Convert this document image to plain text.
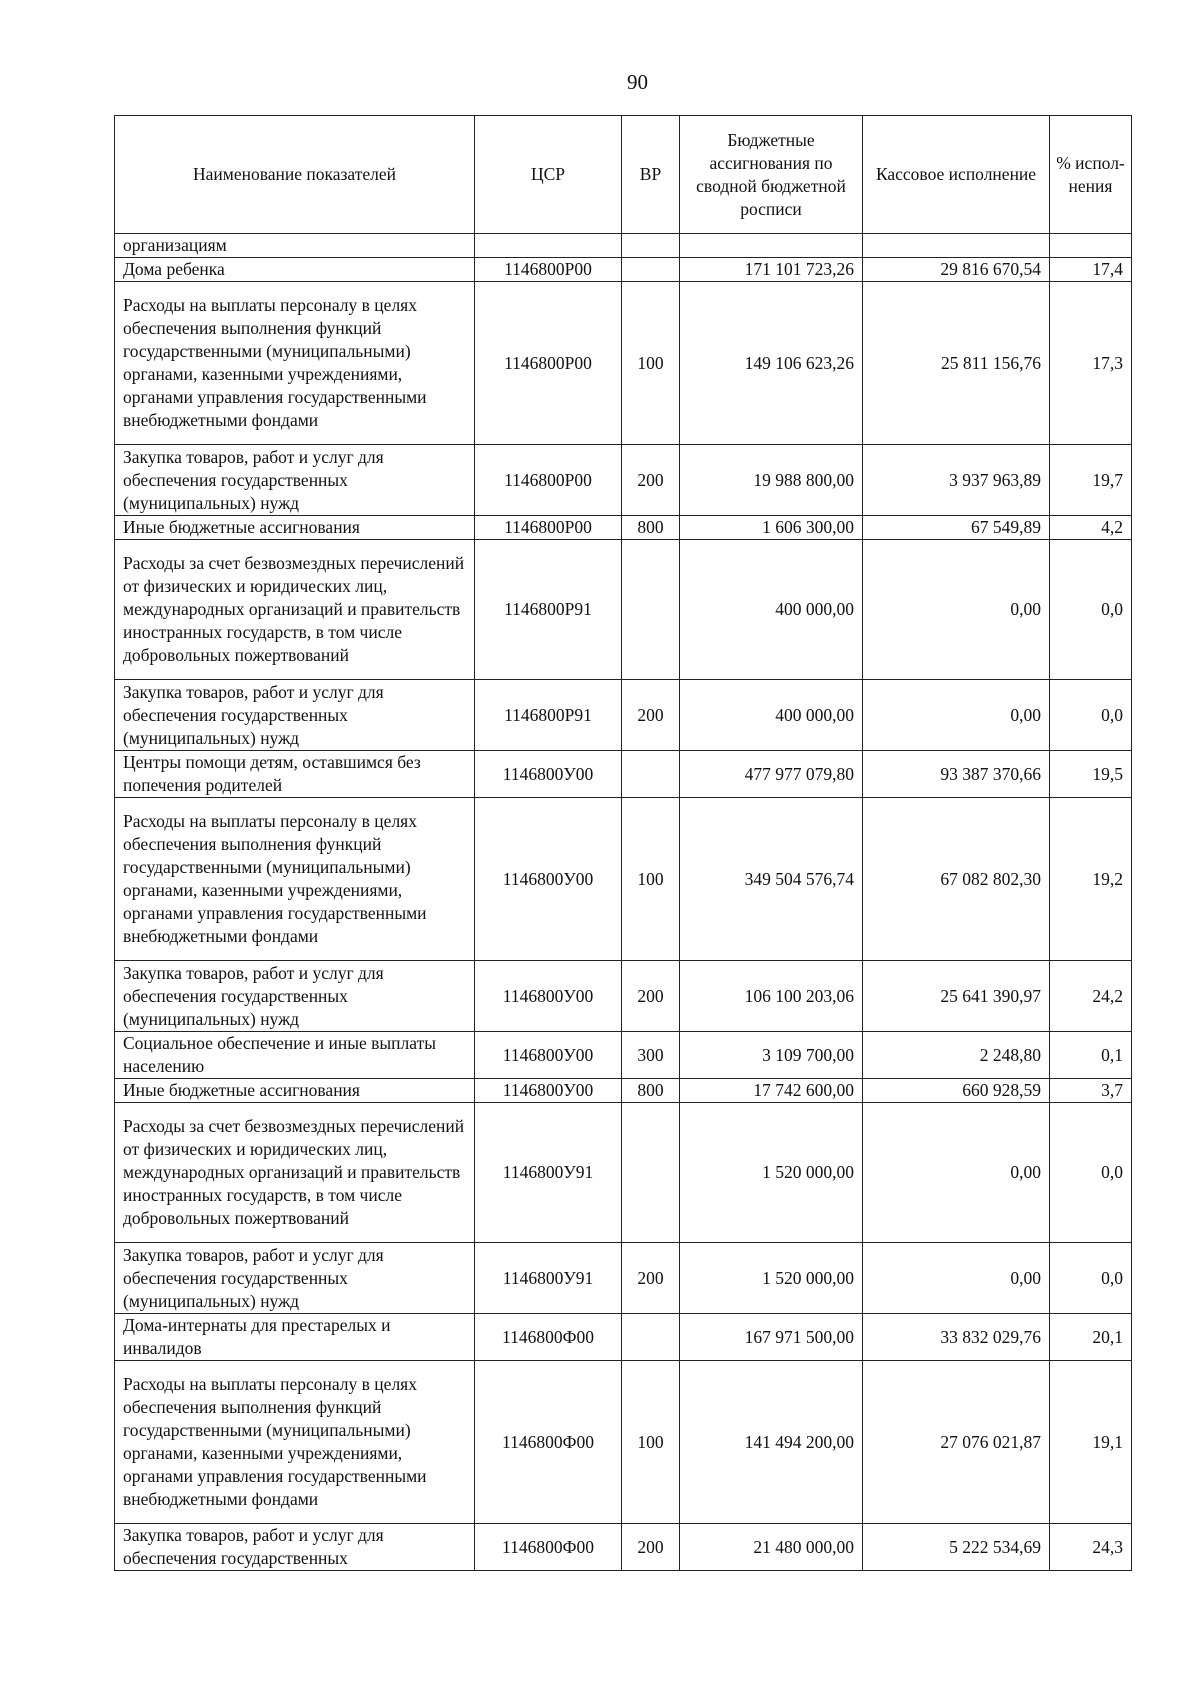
90
Наименование показателей	ЦСР	ВР	Бюджетные ассигнования по сводной бюджетной росписи	Кассовое исполнение	% испол-нения
организациям					
Дома ребенка	1146800Р00		171 101 723,26	29 816 670,54	17,4
Расходы на выплаты персоналу в целях обеспечения выполнения функций государственными (муниципальными) органами, казенными учреждениями, органами управления государственными внебюджетными фондами	1146800Р00	100	149 106 623,26	25 811 156,76	17,3
Закупка товаров, работ и услуг для обеспечения государственных (муниципальных) нужд	1146800Р00	200	19 988 800,00	3 937 963,89	19,7
Иные бюджетные ассигнования	1146800Р00	800	1 606 300,00	67 549,89	4,2
Расходы за счет безвозмездных перечислений от физических и юридических лиц, международных организаций и правительств иностранных государств, в том числе добровольных пожертвований	1146800Р91		400 000,00	0,00	0,0
Закупка товаров, работ и услуг для обеспечения государственных (муниципальных) нужд	1146800Р91	200	400 000,00	0,00	0,0
Центры помощи детям, оставшимся без попечения родителей	1146800У00		477 977 079,80	93 387 370,66	19,5
Расходы на выплаты персоналу в целях обеспечения выполнения функций государственными (муниципальными) органами, казенными учреждениями, органами управления государственными внебюджетными фондами	1146800У00	100	349 504 576,74	67 082 802,30	19,2
Закупка товаров, работ и услуг для обеспечения государственных (муниципальных) нужд	1146800У00	200	106 100 203,06	25 641 390,97	24,2
Социальное обеспечение и иные выплаты населению	1146800У00	300	3 109 700,00	2 248,80	0,1
Иные бюджетные ассигнования	1146800У00	800	17 742 600,00	660 928,59	3,7
Расходы за счет безвозмездных перечислений от физических и юридических лиц, международных организаций и правительств иностранных государств, в том числе добровольных пожертвований	1146800У91		1 520 000,00	0,00	0,0
Закупка товаров, работ и услуг для обеспечения государственных (муниципальных) нужд	1146800У91	200	1 520 000,00	0,00	0,0
Дома-интернаты для престарелых и инвалидов	1146800Ф00		167 971 500,00	33 832 029,76	20,1
Расходы на выплаты персоналу в целях обеспечения выполнения функций государственными (муниципальными) органами, казенными учреждениями, органами управления государственными внебюджетными фондами	1146800Ф00	100	141 494 200,00	27 076 021,87	19,1
Закупка товаров, работ и услуг для обеспечения государственных	1146800Ф00	200	21 480 000,00	5 222 534,69	24,3
